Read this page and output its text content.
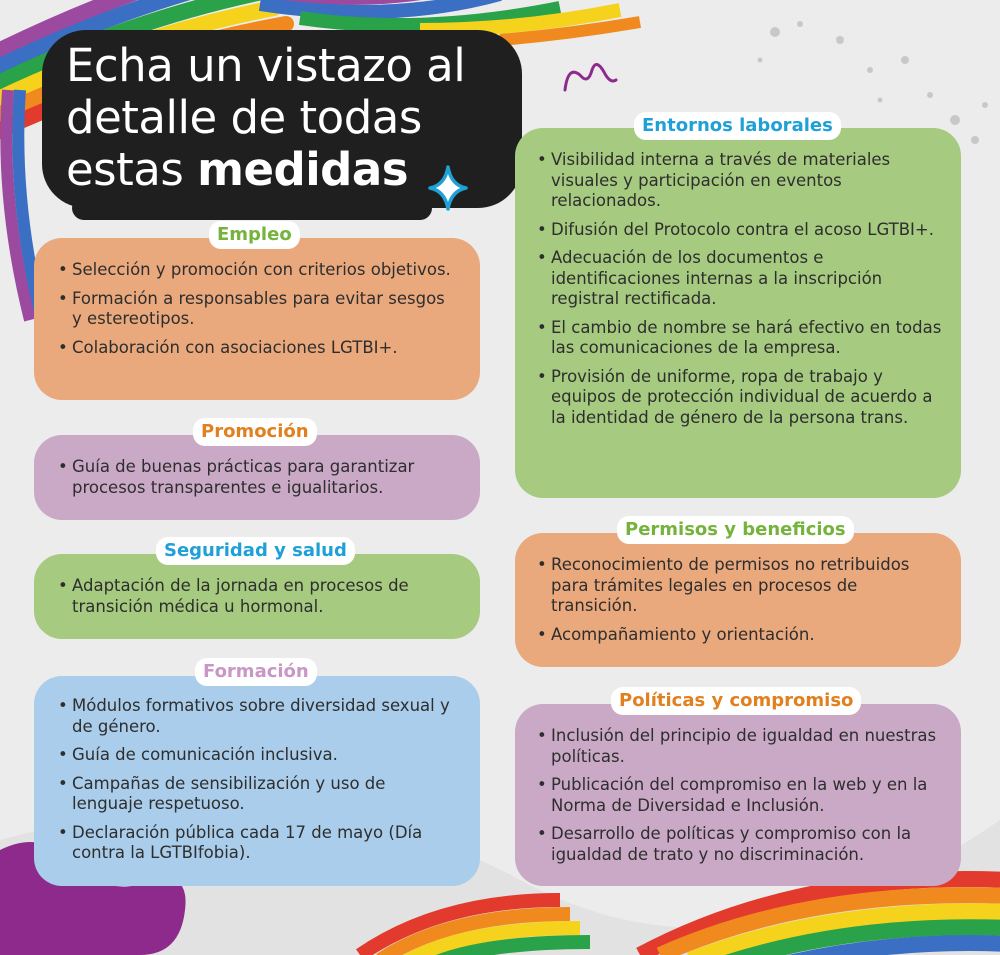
Echa un vistazo al
detalle de todas
estas medidas
• Selección y promoción con criterios objetivos.
• Formación a responsables para evitar sesgos y estereotipos.
• Colaboración con asociaciones LGTBI+.
Empleo
• Guía de buenas prácticas para garantizar procesos transparentes e igualitarios.
Promoción
• Adaptación de la jornada en procesos de transición médica u hormonal.
Seguridad y salud
• Módulos formativos sobre diversidad sexual y de género.
• Guía de comunicación inclusiva.
• Campañas de sensibilización y uso de lenguaje respetuoso.
• Declaración pública cada 17 de mayo (Día contra la LGTBIfobia).
Formación
• Visibilidad interna a través de materiales visuales y participación en eventos relacionados.
• Difusión del Protocolo contra el acoso LGTBI+.
• Adecuación de los documentos e identificaciones internas a la inscripción registral rectificada.
• El cambio de nombre se hará efectivo en todas las comunicaciones de la empresa.
• Provisión de uniforme, ropa de trabajo y equipos de protección individual de acuerdo a la identidad de género de la persona trans.
Entornos laborales
• Reconocimiento de permisos no retribuidos para trámites legales en procesos de transición.
• Acompañamiento y orientación.
Permisos y beneficios
• Inclusión del principio de igualdad en nuestras políticas.
• Publicación del compromiso en la web y en la Norma de Diversidad e Inclusión.
• Desarrollo de políticas y compromiso con la igualdad de trato y no discriminación.
Políticas y compromiso
